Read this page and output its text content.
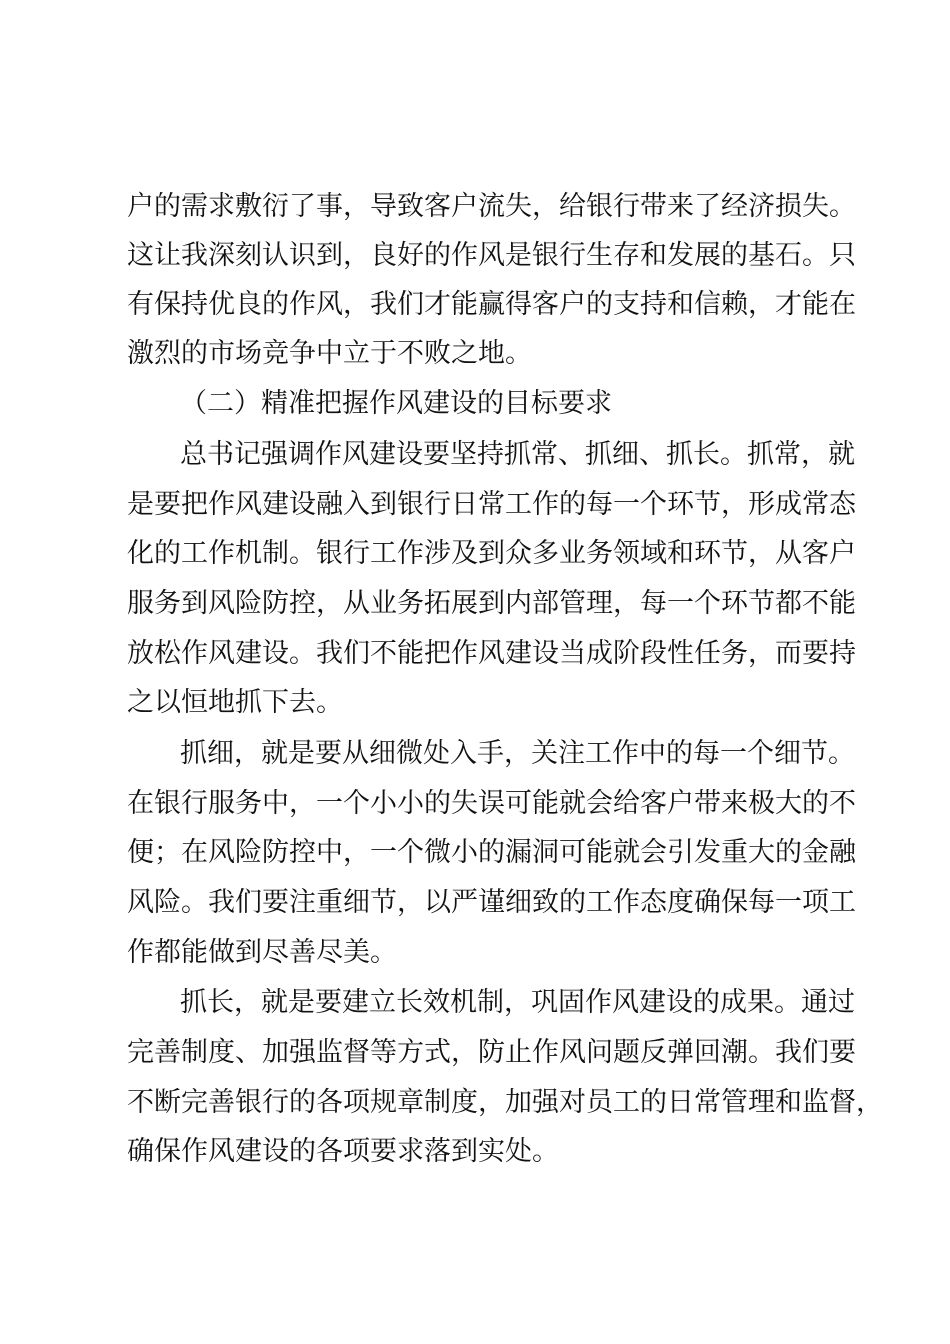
户的需求敷衍了事，导致客户流失，给银行带来了经济损失。
这让我深刻认识到，良好的作风是银行生存和发展的基石。只
有保持优良的作风，我们才能赢得客户的支持和信赖，才能在
激烈的市场竞争中立于不败之地。
（二）精准把握作风建设的目标要求
总书记强调作风建设要坚持抓常、抓细、抓长。抓常，就
是要把作风建设融入到银行日常工作的每一个环节，形成常态
化的工作机制。银行工作涉及到众多业务领域和环节，从客户
服务到风险防控，从业务拓展到内部管理，每一个环节都不能
放松作风建设。我们不能把作风建设当成阶段性任务，而要持
之以恒地抓下去。
抓细，就是要从细微处入手，关注工作中的每一个细节。
在银行服务中，一个小小的失误可能就会给客户带来极大的不
便；在风险防控中，一个微小的漏洞可能就会引发重大的金融
风险。我们要注重细节，以严谨细致的工作态度确保每一项工
作都能做到尽善尽美。
抓长，就是要建立长效机制，巩固作风建设的成果。通过
完善制度、加强监督等方式，防止作风问题反弹回潮。我们要
不断完善银行的各项规章制度，加强对员工的日常管理和监督，
确保作风建设的各项要求落到实处。
